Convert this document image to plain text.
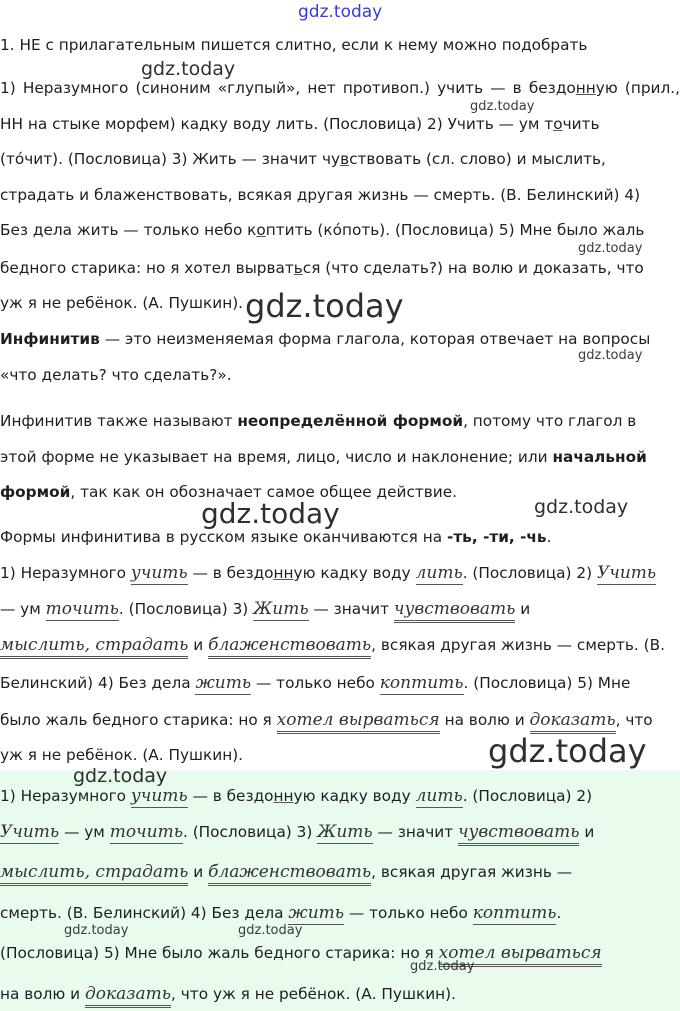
gdz.today
gdz.today
gdz.today
gdz.today
gdz.today
gdz.today
gdz.today	gdz.today
gdz.today
1. НЕ с прилагательным пишется слитно, если к нему можно подобрать
1) Неразумного (синоним «глупый», нет противоп.) учить — в бездонную (прил.,
НН на стыке морфем) кадку воду лить. (Пословица) 2) Учить — ум точить
(то́чит). (Пословица) 3) Жить — значит чувствовать (сл. слово) и мыслить,
страдать и блаженствовать, всякая другая жизнь — смерть. (В. Белинский) 4)
Без дела жить — только небо коптить (ко́поть). (Пословица) 5) Мне было жаль
бедного старика: но я хотел вырваться (что сделать?) на волю и доказать, что
уж я не ребёнок. (А. Пушкин).
Инфинитив — это неизменяемая форма глагола, которая отвечает на вопросы
«что делать? что сделать?».
Инфинитив также называют неопределённой формой, потому что глагол в
этой форме не указывает на время, лицо, число и наклонение; или начальной
формой, так как он обозначает самое общее действие.
Формы инфинитива в русском языке оканчиваются на -ть, -ти, -чь.
1) Неразумного учить — в бездонную кадку воду лить. (Пословица) 2) Учить
— ум точить. (Пословица) 3) Жить — значит чувствовать и
мыслить, страдать и блаженствовать, всякая другая жизнь — смерть. (В.
Белинский) 4) Без дела жить — только небо коптить. (Пословица) 5) Мне
было жаль бедного старика: но я хотел вырваться на волю и доказать, что
уж я не ребёнок. (А. Пушкин).
gdz.today
1) Неразумного учить — в бездонную кадку воду лить. (Пословица) 2)
Учить — ум точить. (Пословица) 3) Жить — значит чувствовать и
мыслить, страдать и блаженствовать, всякая другая жизнь —
смерть. (В. Белинский) 4) Без дела жить — только небо коптить.
gdz.today	gdz.today
(Пословица) 5) Мне было жаль бедного старика: но я хотел вырваться
gdz.today
на волю и доказать, что уж я не ребёнок. (А. Пушкин).
